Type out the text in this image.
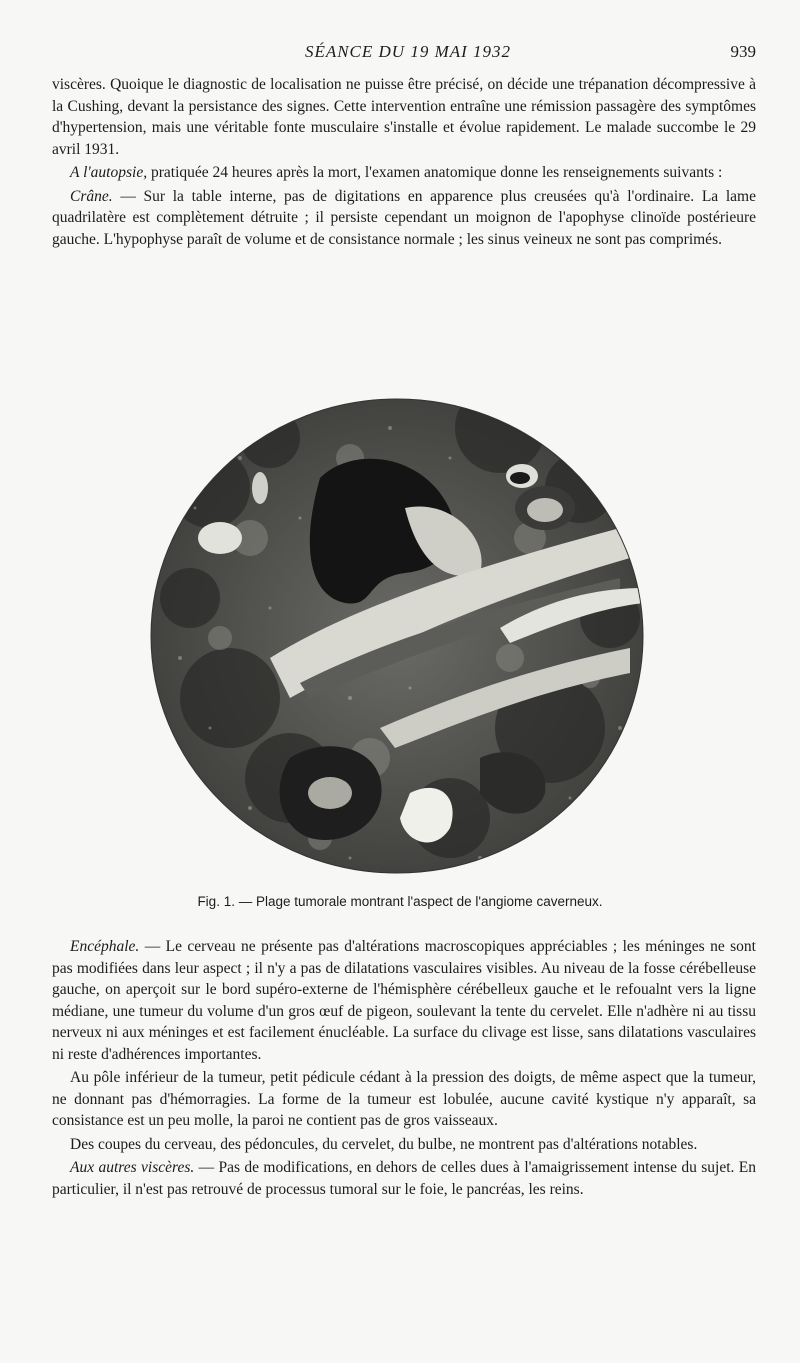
SÉANCE DU 19 MAI 1932	939

viscères. Quoique le diagnostic de localisation ne puisse être précisé, on décide une trépanation décompressive à la Cushing, devant la persistance des signes. Cette intervention entraîne une rémission passagère des symptômes d'hypertension, mais une véritable fonte musculaire s'installe et évolue rapidement. Le malade succombe le 29 avril 1931.

A l'autopsie, pratiquée 24 heures après la mort, l'examen anatomique donne les renseignements suivants :

Crâne. — Sur la table interne, pas de digitations en apparence plus creusées qu'à l'ordinaire. La lame quadrilatère est complètement détruite ; il persiste cependant un moignon de l'apophyse clinoïde postérieure gauche. L'hypophyse paraît de volume et de consistance normale ; les sinus veineux ne sont pas comprimés.

Fig. 1. — Plage tumorale montrant l'aspect de l'angiome caverneux.

Encéphale. — Le cerveau ne présente pas d'altérations macroscopiques appréciables ; les méninges ne sont pas modifiées dans leur aspect ; il n'y a pas de dilatations vasculaires visibles. Au niveau de la fosse cérébelleuse gauche, on aperçoit sur le bord supéro-externe de l'hémisphère cérébelleux gauche et le refoualnt vers la ligne médiane, une tumeur du volume d'un gros œuf de pigeon, soulevant la tente du cervelet. Elle n'adhère ni au tissu nerveux ni aux méninges et est facilement énucléable. La surface du clivage est lisse, sans dilatations vasculaires ni reste d'adhérences importantes.

Au pôle inférieur de la tumeur, petit pédicule cédant à la pression des doigts, de même aspect que la tumeur, ne donnant pas d'hémorragies. La forme de la tumeur est lobulée, aucune cavité kystique n'y apparaît, sa consistance est un peu molle, la paroi ne contient pas de gros vaisseaux.

Des coupes du cerveau, des pédoncules, du cervelet, du bulbe, ne montrent pas d'altérations notables.

Aux autres viscères. — Pas de modifications, en dehors de celles dues à l'amaigrissement intense du sujet. En particulier, il n'est pas retrouvé de processus tumoral sur le foie, le pancréas, les reins.
